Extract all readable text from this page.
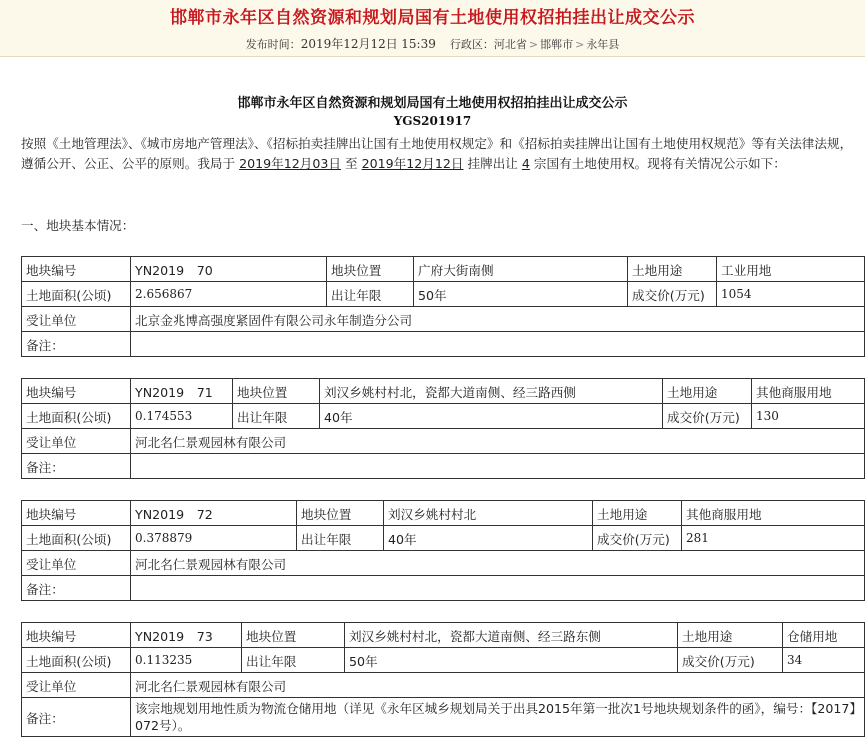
邯郸市永年区自然资源和规划局国有土地使用权招拍挂出让成交公示
发布时间：2019年12月12日 15:39 行政区：河北省 > 邯郸市 > 永年县
邯郸市永年区自然资源和规划局国有土地使用权招拍挂出让成交公示
YGS201917
按照《土地管理法》、《城市房地产管理法》、《招标拍卖挂牌出让国有土地使用权规定》和《招标拍卖挂牌出让国有土地使用权规范》等有关法律法规，遵循公开、公正、公平的原则。我局于 2019年12月03日 至 2019年12月12日 挂牌出让 4 宗国有土地使用权。现将有关情况公示如下：
一、地块基本情况：
地块编号	YN2019　70	地块位置	广府大街南侧	土地用途	工业用地
土地面积(公顷)	2.656867	出让年限	50年	成交价(万元)	1054
受让单位	北京金兆博高强度紧固件有限公司永年制造分公司				
备注：					
地块编号	YN2019　71	地块位置	刘汉乡姚村村北，瓷都大道南侧、经三路西侧	土地用途	其他商服用地
土地面积(公顷)	0.174553	出让年限	40年	成交价(万元)	130
受让单位	河北名仁景观园林有限公司				
备注：					
地块编号	YN2019　72	地块位置	刘汉乡姚村村北	土地用途	其他商服用地
土地面积(公顷)	0.378879	出让年限	40年	成交价(万元)	281
受让单位	河北名仁景观园林有限公司				
备注：					
地块编号	YN2019　73	地块位置	刘汉乡姚村村北，瓷都大道南侧、经三路东侧	土地用途	仓储用地
土地面积(公顷)	0.113235	出让年限	50年	成交价(万元)	34
受让单位	河北名仁景观园林有限公司				
备注：	该宗地规划用地性质为物流仓储用地（详见《永年区城乡规划局关于出具2015年第一批次1号地块规划条件的函》，编号：【2017】072号）。				
